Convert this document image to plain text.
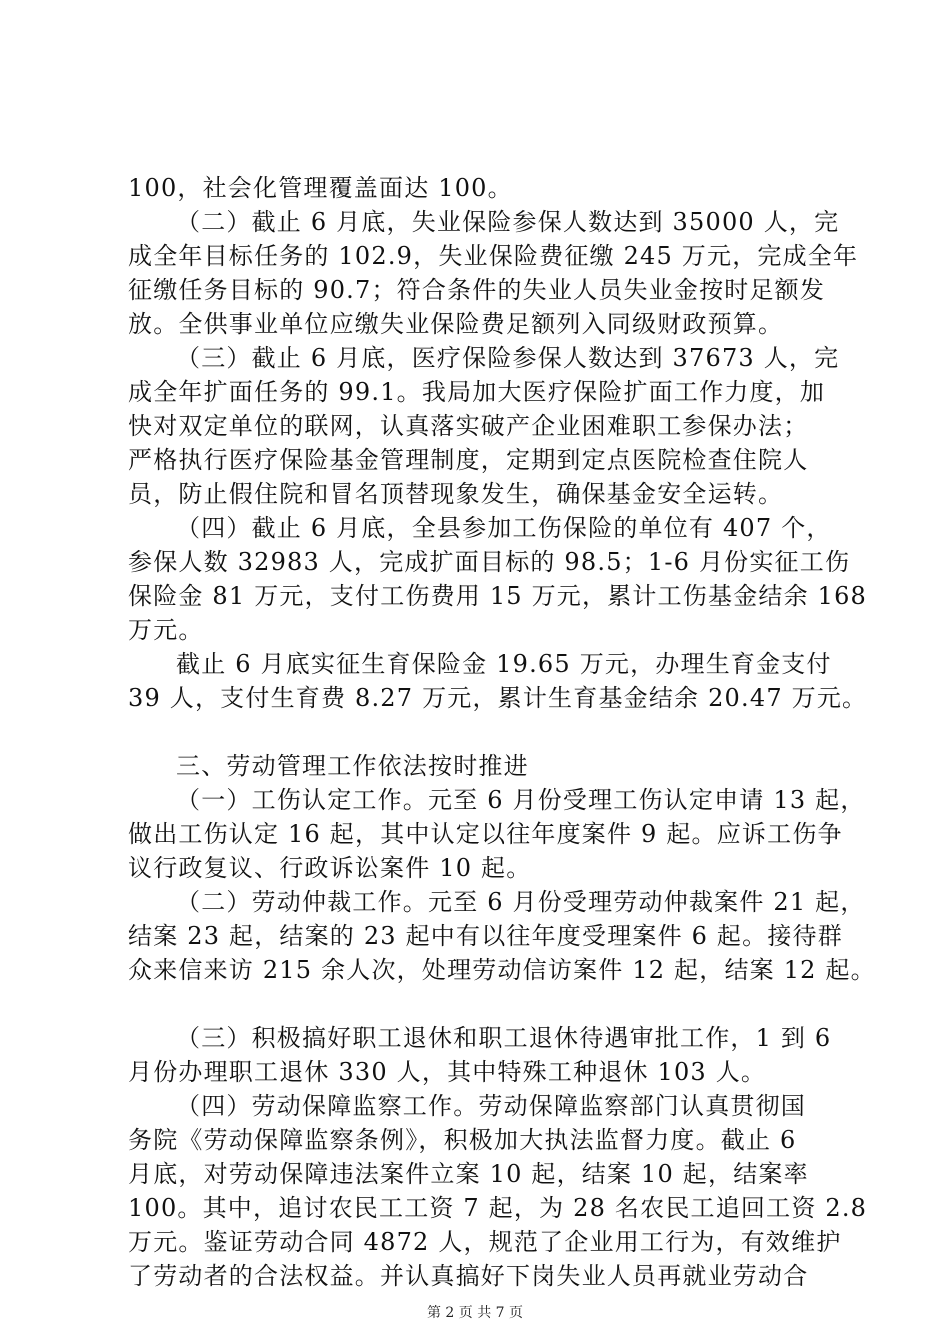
100，社会化管理覆盖面达 100。
（二）截止 6 月底，失业保险参保人数达到 35000 人，完
成全年目标任务的 102.9，失业保险费征缴 245 万元，完成全年
征缴任务目标的 90.7；符合条件的失业人员失业金按时足额发
放。全供事业单位应缴失业保险费足额列入同级财政预算。
（三）截止 6 月底，医疗保险参保人数达到 37673 人，完
成全年扩面任务的 99.1。我局加大医疗保险扩面工作力度，加
快对双定单位的联网，认真落实破产企业困难职工参保办法；
严格执行医疗保险基金管理制度，定期到定点医院检查住院人
员，防止假住院和冒名顶替现象发生，确保基金安全运转。
（四）截止 6 月底，全县参加工伤保险的单位有 407 个，
参保人数 32983 人，完成扩面目标的 98.5；1-6 月份实征工伤
保险金 81 万元，支付工伤费用 15 万元，累计工伤基金结余 168
万元。
截止 6 月底实征生育保险金 19.65 万元，办理生育金支付
39 人，支付生育费 8.27 万元，累计生育基金结余 20.47 万元。
三、劳动管理工作依法按时推进
（一）工伤认定工作。元至 6 月份受理工伤认定申请 13 起，
做出工伤认定 16 起，其中认定以往年度案件 9 起。应诉工伤争
议行政复议、行政诉讼案件 10 起。
（二）劳动仲裁工作。元至 6 月份受理劳动仲裁案件 21 起，
结案 23 起，结案的 23 起中有以往年度受理案件 6 起。接待群
众来信来访 215 余人次，处理劳动信访案件 12 起，结案 12 起。
（三）积极搞好职工退休和职工退休待遇审批工作，1 到 6
月份办理职工退休 330 人，其中特殊工种退休 103 人。
（四）劳动保障监察工作。劳动保障监察部门认真贯彻国
务院《劳动保障监察条例》，积极加大执法监督力度。截止 6
月底，对劳动保障违法案件立案 10 起，结案 10 起，结案率
100。其中，追讨农民工工资 7 起，为 28 名农民工追回工资 2.8
万元。鉴证劳动合同 4872 人，规范了企业用工行为，有效维护
了劳动者的合法权益。并认真搞好下岗失业人员再就业劳动合
第 2 页 共 7 页
